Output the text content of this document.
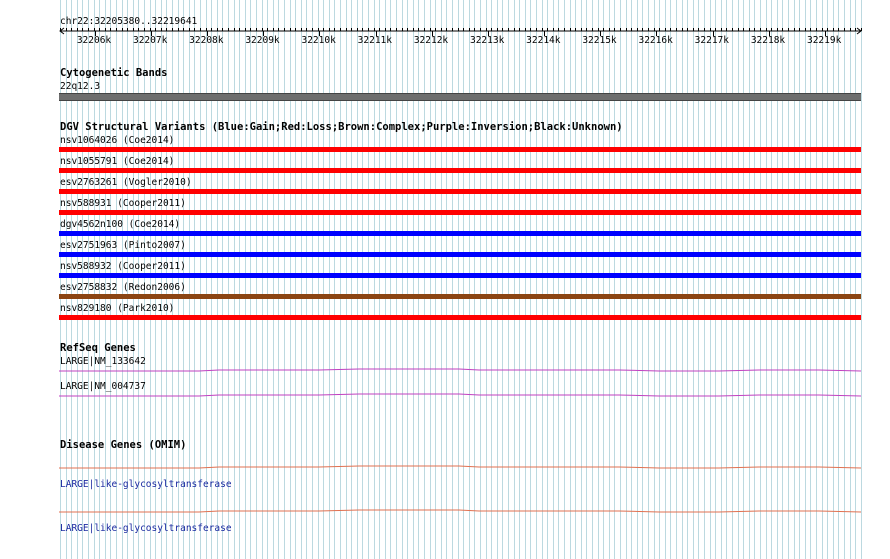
chr22:32205380..32219641
32206k 32207k 32208k 32209k 32210k 32211k 32212k 32213k 32214k 32215k 32216k 32217k 32218k 32219k
Cytogenetic Bands
22q12.3
DGV Structural Variants (Blue:Gain;Red:Loss;Brown:Complex;Purple:Inversion;Black:Unknown)
nsv1064026 (Coe2014)
nsv1055791 (Coe2014)
esv2763261 (Vogler2010)
nsv588931 (Cooper2011)
dgv4562n100 (Coe2014)
esv2751963 (Pinto2007)
nsv588932 (Cooper2011)
esv2758832 (Redon2006)
nsv829180 (Park2010)
RefSeq Genes
LARGE|NM_133642
LARGE|NM_004737
Disease Genes (OMIM)
LARGE|like-glycosyltransferase
LARGE|like-glycosyltransferase
